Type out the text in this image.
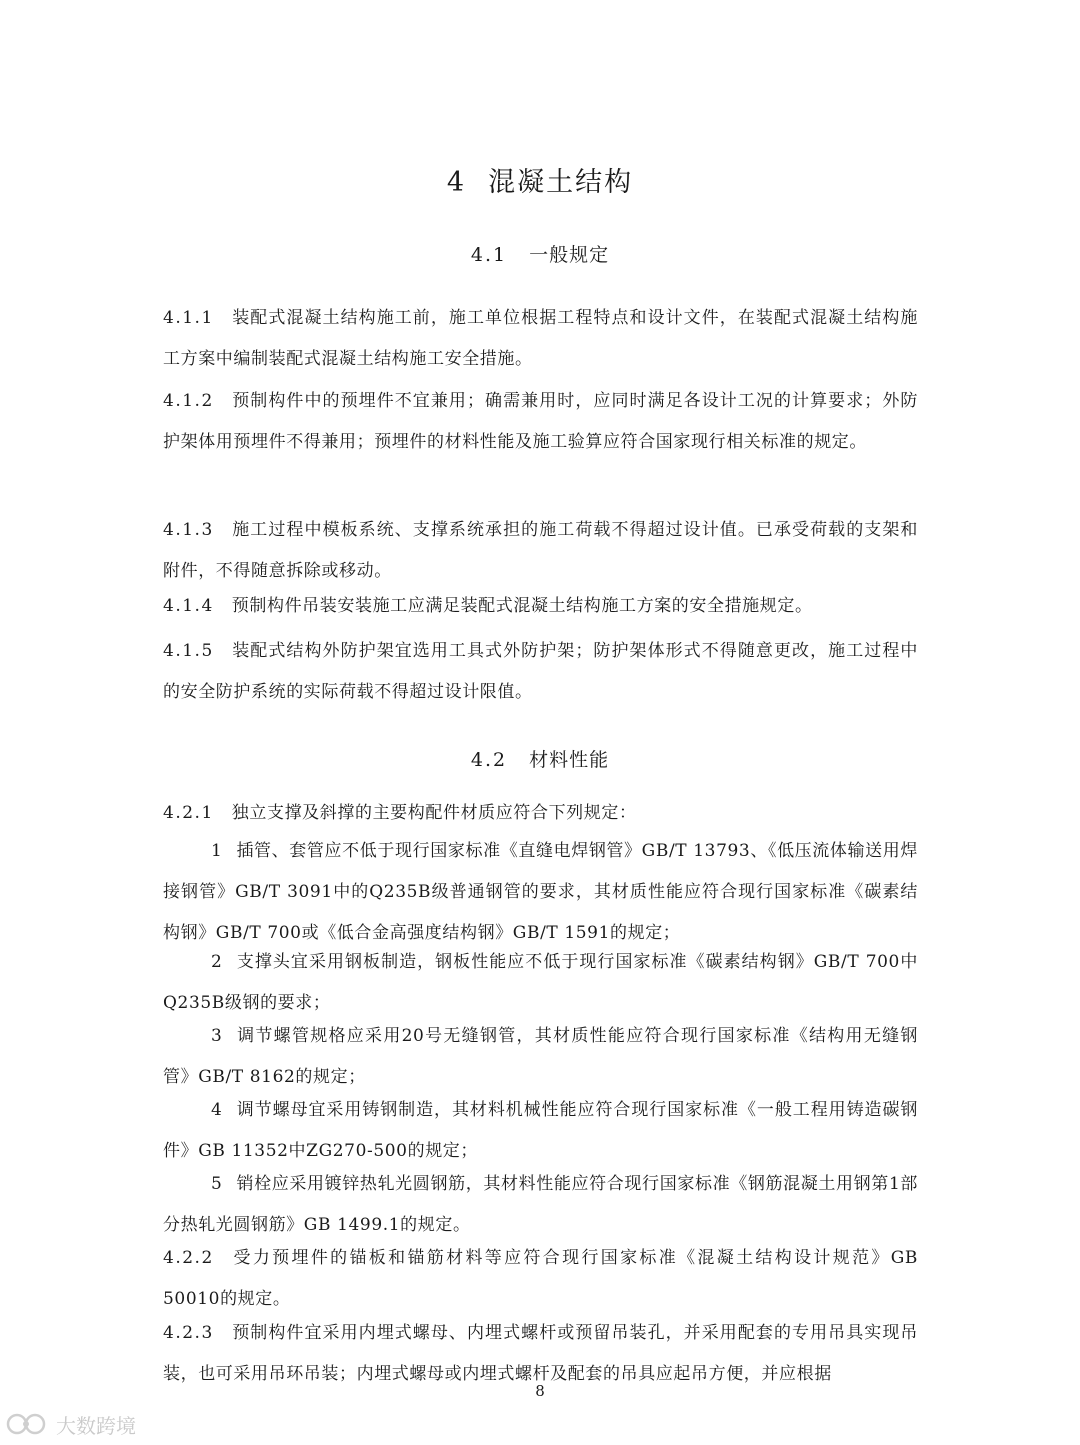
4 混凝土结构
4.1 一般规定

4.1.1 装配式混凝土结构施工前，施工单位根据工程特点和设计文件，在装配式混凝土结构施工方案中编制装配式混凝土结构施工安全措施。

4.1.2 预制构件中的预埋件不宜兼用；确需兼用时，应同时满足各设计工况的计算要求；外防护架体用预埋件不得兼用；预埋件的材料性能及施工验算应符合国家现行相关标准的规定。

4.1.3 施工过程中模板系统、支撑系统承担的施工荷载不得超过设计值。已承受荷载的支架和附件，不得随意拆除或移动。

4.1.4 预制构件吊装安装施工应满足装配式混凝土结构施工方案的安全措施规定。

4.1.5 装配式结构外防护架宜选用工具式外防护架；防护架体形式不得随意更改，施工过程中的安全防护系统的实际荷载不得超过设计限值。

4.2 材料性能

4.2.1 独立支撑及斜撑的主要构配件材质应符合下列规定：

1 插管、套管应不低于现行国家标准《直缝电焊钢管》GB/T 13793、《低压流体输送用焊接钢管》GB/T 3091中的Q235B级普通钢管的要求，其材质性能应符合现行国家标准《碳素结构钢》GB/T 700或《低合金高强度结构钢》GB/T 1591的规定；

2 支撑头宜采用钢板制造，钢板性能应不低于现行国家标准《碳素结构钢》GB/T 700中Q235B级钢的要求；

3 调节螺管规格应采用20号无缝钢管，其材质性能应符合现行国家标准《结构用无缝钢管》GB/T 8162的规定；

4 调节螺母宜采用铸钢制造，其材料机械性能应符合现行国家标准《一般工程用铸造碳钢件》GB 11352中ZG270-500的规定；

5 销栓应采用镀锌热轧光圆钢筋，其材料性能应符合现行国家标准《钢筋混凝土用钢第1部分热轧光圆钢筋》GB 1499.1的规定。

4.2.2 受力预埋件的锚板和锚筋材料等应符合现行国家标准《混凝土结构设计规范》GB 50010的规定。

4.2.3 预制构件宜采用内埋式螺母、内埋式螺杆或预留吊装孔，并采用配套的专用吊具实现吊装，也可采用吊环吊装；内埋式螺母或内埋式螺杆及配套的吊具应起吊方便，并应根据

8
大数跨境
